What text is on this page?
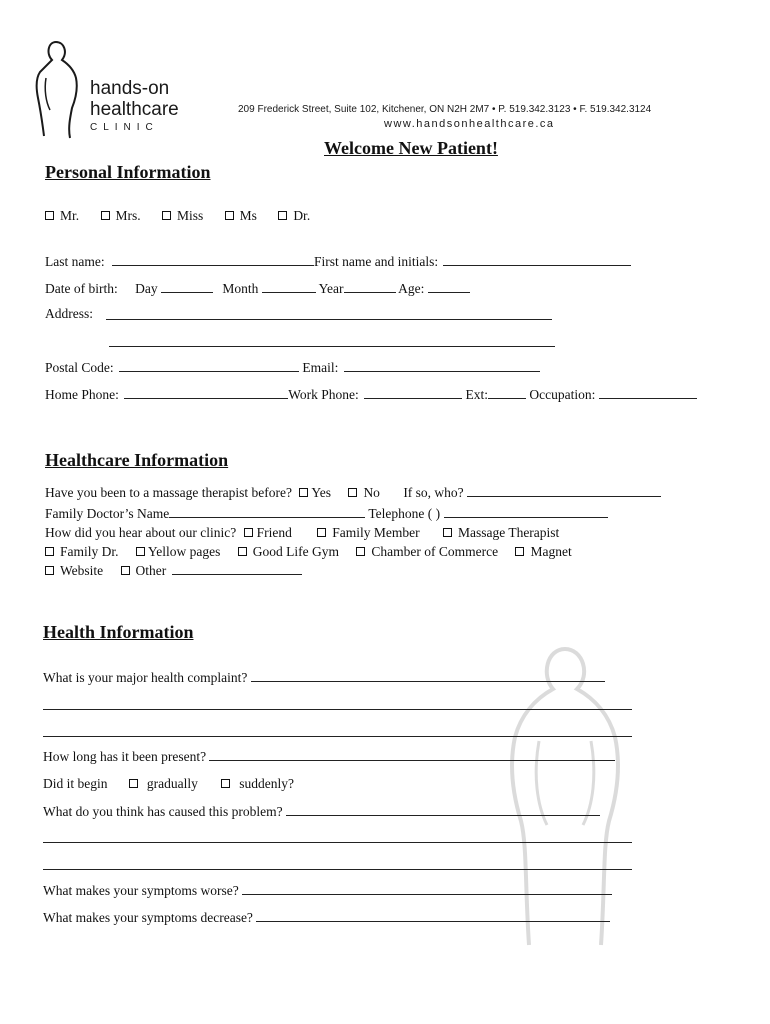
hands-on
healthcare
CLINIC
209 Frederick Street, Suite 102, Kitchener, ON N2H 2M7 • P. 519.342.3123 • F. 519.342.3124
www.handsonhealthcare.ca
Welcome New Patient!
Personal Information
Mr.	Mrs.	Miss	Ms	Dr.
Last name:	First name and initials:
Date of birth: Day	Month	Year	Age:
Address:
Postal Code:	Email:
Home Phone:	Work Phone:	Ext:	Occupation:
Healthcare Information
Have you been to a massage therapist before? Yes No If so, who?
Family Doctor’s Name	Telephone ( )
How did you hear about our clinic? Friend	Family Member	Massage Therapist
Family Dr. Yellow pages Good Life Gym Chamber of Commerce Magnet
Website Other
Health Information
What is your major health complaint?
How long has it been present?
Did it begin	gradually	suddenly?
What do you think has caused this problem?
What makes your symptoms worse?
What makes your symptoms decrease?
